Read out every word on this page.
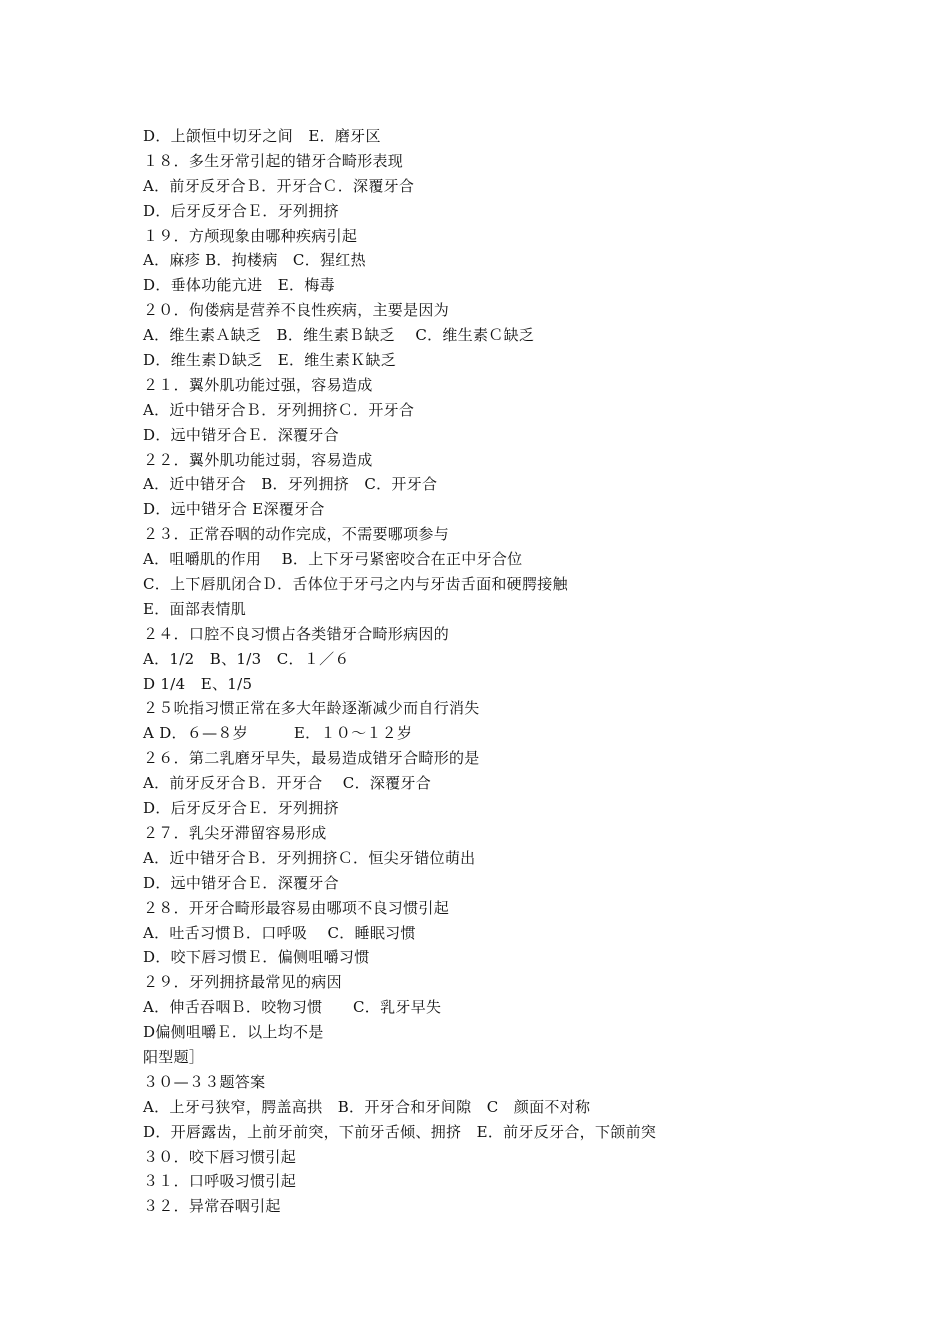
D．上颌恒中切牙之间　E．磨牙区
１８．多生牙常引起的错牙合畸形表现
A．前牙反牙合Ｂ．开牙合Ｃ．深覆牙合
D．后牙反牙合Ｅ．牙列拥挤
１９．方颅现象由哪种疾病引起
A．麻疹 B．拘楼病　C．猩红热
D．垂体功能亢进　E．梅毒
２０．佝偻病是营养不良性疾病，主要是因为
A．维生素Ａ缺乏　B．维生素Ｂ缺乏　 C．维生素Ｃ缺乏
D．维生素Ｄ缺乏　E．维生素Ｋ缺乏
２１．翼外肌功能过强，容易造成
A．近中错牙合Ｂ．牙列拥挤Ｃ．开牙合
D．远中错牙合Ｅ．深覆牙合
２２．翼外肌功能过弱，容易造成
A．近中错牙合　B．牙列拥挤　C．开牙合
D．远中错牙合 E深覆牙合
２３．正常吞咽的动作完成，不需要哪项参与
A．咀嚼肌的作用　 B．上下牙弓紧密咬合在正中牙合位
C．上下唇肌闭合Ｄ．舌体位于牙弓之内与牙齿舌面和硬腭接触
E．面部表情肌
２４．口腔不良习惯占各类错牙合畸形病因的
A．1/2　B、1/3　C．１／６
D 1/4　E、1/5
２５吮指习惯正常在多大年龄逐渐减少而自行消失
A D．６—８岁　　　E．１０～１２岁
２６．第二乳磨牙早失，最易造成错牙合畸形的是
A．前牙反牙合Ｂ．开牙合　 C．深覆牙合
D．后牙反牙合Ｅ．牙列拥挤
２７．乳尖牙滞留容易形成
A．近中错牙合Ｂ．牙列拥挤Ｃ．恒尖牙错位萌出
D．远中错牙合Ｅ．深覆牙合
２８．开牙合畸形最容易由哪项不良习惯引起
A．吐舌习惯Ｂ．口呼吸　 C．睡眠习惯
D．咬下唇习惯Ｅ．偏侧咀嚼习惯
２９．牙列拥挤最常见的病因
A．伸舌吞咽Ｂ．咬物习惯　　C．乳牙早失
D偏侧咀嚼Ｅ．以上均不是
阳型题］
３０—３３题答案
A．上牙弓狭窄，腭盖高拱　B．开牙合和牙间隙　C　颜面不对称
D．开唇露齿，上前牙前突，下前牙舌倾、拥挤　E．前牙反牙合，下颌前突
３０．咬下唇习惯引起
３１．口呼吸习惯引起
３２．异常吞咽引起
